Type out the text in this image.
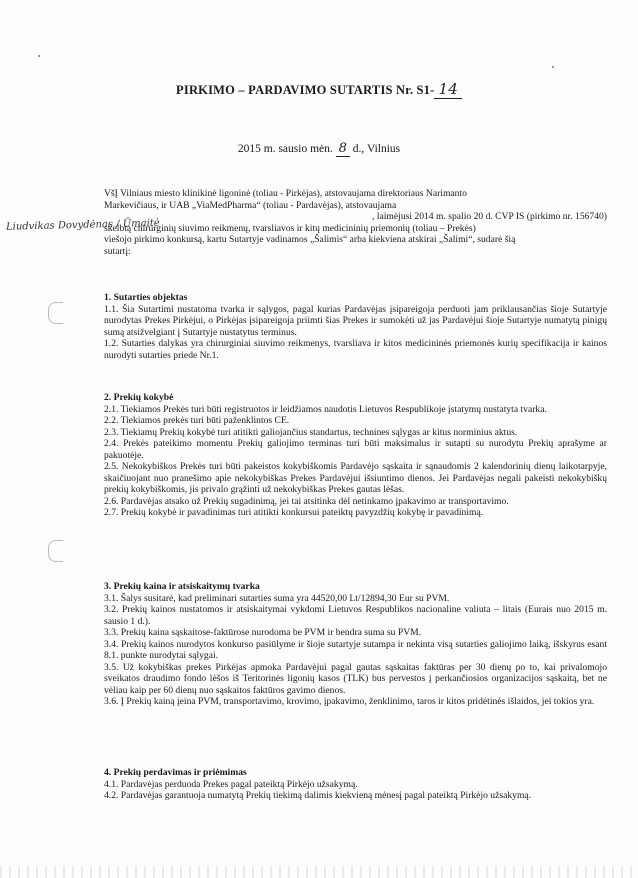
PIRKIMO – PARDAVIMO SUTARTIS Nr. S1- 14
2015 m. sausio mėn. 8 d., Vilnius
Liudvikas Dovydėnas / Ūmaitė

VšĮ Vilniaus miesto klinikinė ligoninė (toliau - Pirkėjas), atstovaujama direktoriaus Narimanto

Markevičiaus, ir UAB „ViaMedPharma“ (toliau - Pardavėjas), atstovaujama

, laimėjusi 2014 m. spalio 20 d. CVP IS (pirkimo nr. 156740)

skelbtą chirurginių siuvimo reikmenų, tvarsliavos ir kitų medicininių priemonių (toliau – Prekės)

viešojo pirkimo konkursą, kartu Sutartyje vadinamos „Šalimis“ arba kiekviena atskirai „Šalimi“, sudarė šią

sutartį:

1. Sutarties objektas

1.1. Šia Sutartimi nustatoma tvarka ir sąlygos, pagal kurias Pardavėjas įsipareigoja perduoti jam priklausančias šioje Sutartyje nurodytas Prekes Pirkėjui, o Pirkėjas įsipareigoja priimti šias Prekes ir sumokėti už jas Pardavėjui šioje Sutartyje numatytą pinigų sumą atsižvelgiant į Sutartyje nustatytus terminus.

1.2. Sutarties dalykas yra chirurginiai siuvimo reikmenys, tvarsliava ir kitos medicininės priemonės kurių specifikacija ir kainos nurodyti sutarties priede Nr.1.

2. Prekių kokybė

2.1. Tiekiamos Prekės turi būti registruotos ir leidžiamos naudotis Lietuvos Respublikoje įstatymų nustatyta tvarka.

2.2. Tiekiamos prekės turi būti paženklintos CE.

2.3. Tiekiamų Prekių kokybė turi atitikti galiojančius standartus, technines sąlygas ar kitus norminius aktus.

2.4. Prekės pateikimo momentu Prekių galiojimo terminas turi būti maksimalus ir sutapti su nurodytu Prekių aprašyme ar pakuotėje.

2.5. Nekokybiškos Prekės turi būti pakeistos kokybiškomis Pardavėjo sąskaita ir sąnaudomis 2 kalendorinių dienų laikotarpyje, skaičiuojant nuo pranešimo apie nekokybiškas Prekes Pardavėjui išsiuntimo dienos. Jei Pardavėjas negali pakeisti nekokybiškų prekių kokybiškomis, jis privalo grąžinti už nekokybiškas Prekes gautas lėšas.

2.6. Pardavėjas atsako už Prekių sugadinimą, jei tai atsitinka dėl netinkamo įpakavimo ar transportavimo.

2.7. Prekių kokybė ir pavadinimas turi atitikti konkursui pateiktų pavyzdžių kokybę ir pavadinimą.

3. Prekių kaina ir atsiskaitymų tvarka

3.1. Šalys susitarė, kad preliminari sutarties suma yra 44520,00 Lt/12894,30 Eur su PVM.

3.2. Prekių kainos nustatomos ir atsiskaitymai vykdomi Lietuvos Respublikos nacionaline valiuta – litais (Eurais nuo 2015 m. sausio 1 d.).

3.3. Prekių kaina sąskaitose-faktūrose nurodoma be PVM ir bendra suma su PVM.

3.4. Prekių kainos nurodytos konkurso pasiūlyme ir šioje sutartyje sutampa ir nekinta visą sutarties galiojimo laiką, išskyrus esant 8.1. punkte nurodytai sąlygai.

3.5. Už kokybiškas prekes Pirkėjas apmoka Pardavėjui pagal gautas sąskaitas faktūras per 30 dienų po to, kai privalomojo sveikatos draudimo fondo lėšos iš Teritorinės ligonių kasos (TLK) bus pervestos į perkančiosios organizacijos sąskaitą, bet ne vėliau kaip per 60 dienų nuo sąskaitos faktūros gavimo dienos.

3.6. Į Prekių kainą įeina PVM, transportavimo, krovimo, įpakavimo, ženklinimo, taros ir kitos pridėtinės išlaidos, jei tokios yra.

4. Prekių perdavimas ir priėmimas

4.1. Pardavėjas perduoda Prekes pagal pateiktą Pirkėjo užsakymą.

4.2. Pardavėjas garantuoja numatytą Prekių tiekimą dalimis kiekvieną mėnesį pagal pateiktą Pirkėjo užsakymą.
